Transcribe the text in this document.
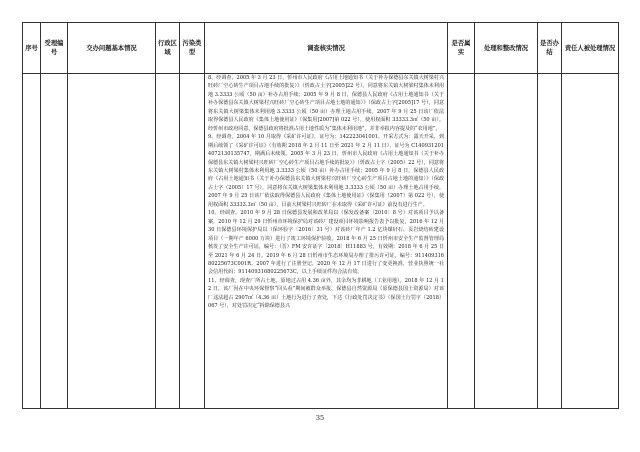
序号	受理编号	交办问题基本情况	行政区域	污染类型	调查核实情况	是否属实	处理和整改情况	是否办结	责任人被处理情况

					8、经调查，2005 年 3 月 23 日，忻州市人民政府《占用土地通知书（关于补办保德县东关镇大树梁村兴旺砖厂空心砖生产项目占地手续的批复）》（忻政占土字[2005]22 号），同意将东关镇大树梁村集体未利用地 3.3333 公顷（50 亩）补办占用手续；2005 年 9 月 8 日，保德县人民政府《占用土地通知书（关于补办保德县东关镇大树梁村兴旺砖厂空心砖生产项目占地土地的通知）》（保政占土字[2005]17 号），同意将东关镇大树梁集体未利用地 3.3333 公顷（50 亩）办理土地占用手续。2007 年 9 月 25 日该厂依法取得保德县人民政府《集体土地使用证》（保集用[2007]第 022 号），使用权面积 33333.3㎡（50 亩）。经忻州市政府同意，保德县政府将批准占用土地性质为“集体未利用地”，并非举报内容提及的“农用地”。

9、经调查，2004 年 10 月取得《采矿许可证》，证号为：142223041001，开采方式为：露天开采，到期后续领了《采矿许可证》（有效期 2018 年 2 月 11 日至 2021 年 2 月 11 日），证号为 C1409312014072130135747，期满后未续领。2005 年 3 月 23 日，忻州市人民政府《占用土地通知书（关于补办保德县东关镇大树梁村兴旺砖厂空心砖生产项目占地手续的批复）》（忻政占土字（2005）22 号），同意将东关镇大树梁村集体未利用地 3.3333 公顷（50 亩）补办占用手续；2005 年 9 月 8 日，保德县人民政府《占用土地通知书（关于补办保德县东关镇大树梁村兴旺砖厂空心砖生产项目占地土地的通知）》（保政占土字（2005）17 号），同意将东关镇大树梁集体未利用地 3.3333 公顷（50 亩）办理土地占用手续。2007 年 9 月 25 日该厂依法取得保德县人民政府《集体土地使用证》（保集用（2007）第 022 号），使用权面积 33333.3㎡（50 亩），目前大树梁村兴旺砖厂在未取得《采矿许可证》前没有进行生产。

10、经调查，2010 年 9 月 28 日保德县发展和改革局以（保发改备案〔2010〕8 号）对该项目予以备案，2010 年 12 月 29 日忻州市环境保护局对该砖厂建设项目环境影响报告表予以批复，2016 年 12 月 30 日保德县环境保护局以（保环验字〔2016〕31 号）对该砖厂年产 1.2 亿块煤矸石、页岩烧结砖建设项目（一期年产 6000 万块）进行了竣工环境保护验收。2018 年 6 月 25 日忻州市安全生产监督管理局核发了安全生产许可证，编号：（晋）FM 安许证字〔2018〕H11883 号，有效期：2018 年 6 月 25 日至 2021 年 6 月 24 日。2019 年 6 月 28 日忻州市生态环境局办理了排污许可证，编号：91140931680225673C001R。2007 年进行了注册登记，2020 年 12 月 17 日进行了变更换准，营业执照统一社会信用代码：91140931680225673C，以上手续证件均合法有效。

11、经调查，现查厂所占土地，原地过占用 4.36 亩外，其余均为非耕地（工业用地）。2018 年 12 月 12 日，该厂因在中央环保督察“回头看”期间被群众举报，保德县自然资源局（原保德县国土资源局）对该厂违法超占 2907㎡（4.36 亩）土地行为进行了查处，下达《行政处罚决定书》（保国土行罚字（2018）067 号），对处罚决定“拆除保德县兴				

35
